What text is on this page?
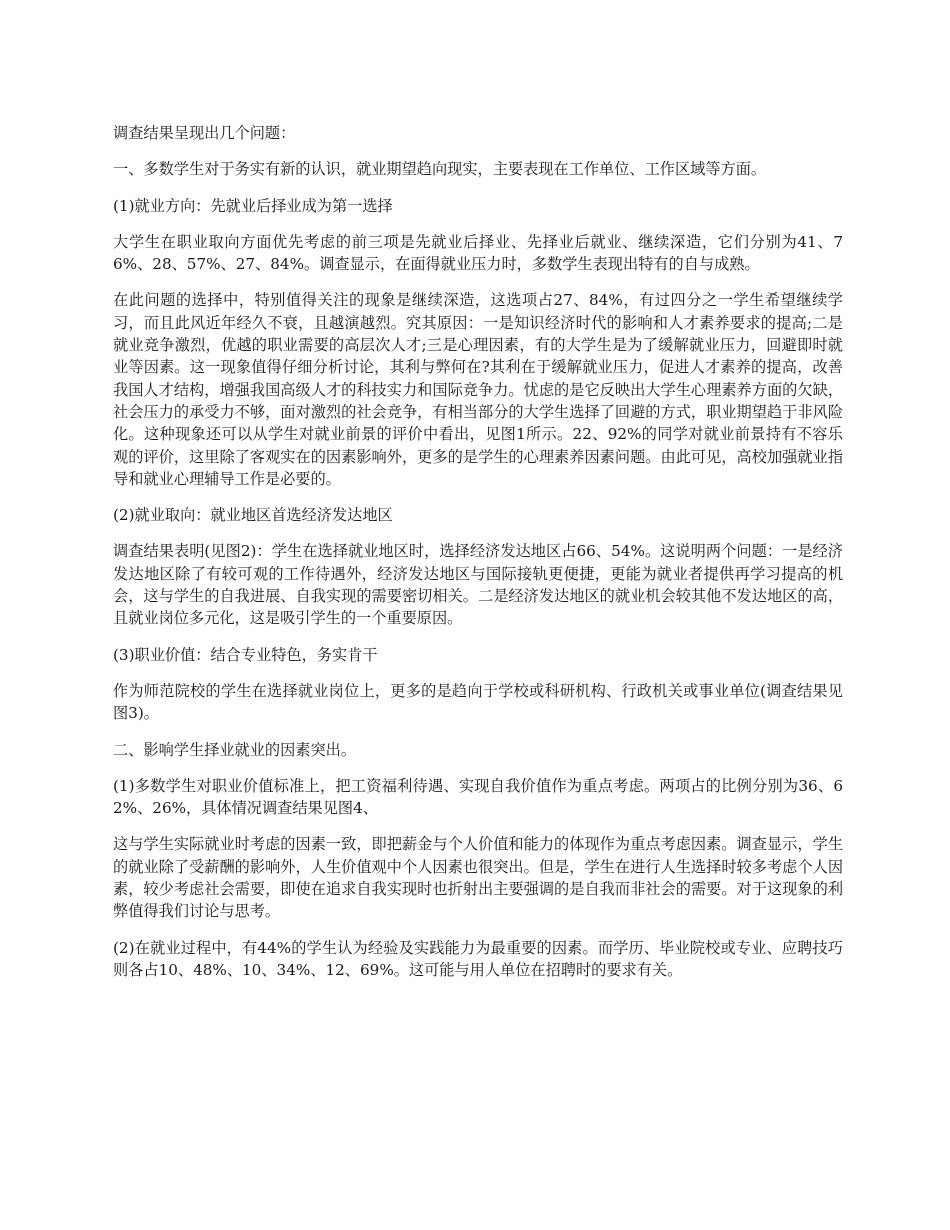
调查结果呈现出几个问题：

一、多数学生对于务实有新的认识，就业期望趋向现实，主要表现在工作单位、工作区域等方面。

(1)就业方向：先就业后择业成为第一选择

大学生在职业取向方面优先考虑的前三项是先就业后择业、先择业后就业、继续深造，它们分别为41、76%、28、57%、27、84%。调查显示，在面得就业压力时，多数学生表现出特有的自与成熟。

在此问题的选择中，特别值得关注的现象是继续深造，这选项占27、84%，有过四分之一学生希望继续学习，而且此风近年经久不衰，且越演越烈。究其原因：一是知识经济时代的影响和人才素养要求的提高;二是就业竞争激烈，优越的职业需要的高层次人才;三是心理因素，有的大学生是为了缓解就业压力，回避即时就业等因素。这一现象值得仔细分析讨论，其利与弊何在?其利在于缓解就业压力，促进人才素养的提高，改善我国人才结构，增强我国高级人才的科技实力和国际竞争力。忧虑的是它反映出大学生心理素养方面的欠缺，社会压力的承受力不够，面对激烈的社会竞争，有相当部分的大学生选择了回避的方式，职业期望趋于非风险化。这种现象还可以从学生对就业前景的评价中看出，见图1所示。22、92%的同学对就业前景持有不容乐观的评价，这里除了客观实在的因素影响外，更多的是学生的心理素养因素问题。由此可见，高校加强就业指导和就业心理辅导工作是必要的。

(2)就业取向：就业地区首选经济发达地区

调查结果表明(见图2)：学生在选择就业地区时，选择经济发达地区占66、54%。这说明两个问题：一是经济发达地区除了有较可观的工作待遇外，经济发达地区与国际接轨更便捷，更能为就业者提供再学习提高的机会，这与学生的自我进展、自我实现的需要密切相关。二是经济发达地区的就业机会较其他不发达地区的高，且就业岗位多元化，这是吸引学生的一个重要原因。

(3)职业价值：结合专业特色，务实肯干

作为师范院校的学生在选择就业岗位上，更多的是趋向于学校或科研机构、行政机关或事业单位(调查结果见图3)。

二、影响学生择业就业的因素突出。

(1)多数学生对职业价值标准上，把工资福利待遇、实现自我价值作为重点考虑。两项占的比例分别为36、62%、26%，具体情况调查结果见图4、

这与学生实际就业时考虑的因素一致，即把薪金与个人价值和能力的体现作为重点考虑因素。调查显示，学生的就业除了受薪酬的影响外，人生价值观中个人因素也很突出。但是，学生在进行人生选择时较多考虑个人因素，较少考虑社会需要，即使在追求自我实现时也折射出主要强调的是自我而非社会的需要。对于这现象的利弊值得我们讨论与思考。

(2)在就业过程中，有44%的学生认为经验及实践能力为最重要的因素。而学历、毕业院校或专业、应聘技巧则各占10、48%、10、34%、12、69%。这可能与用人单位在招聘时的要求有关。
